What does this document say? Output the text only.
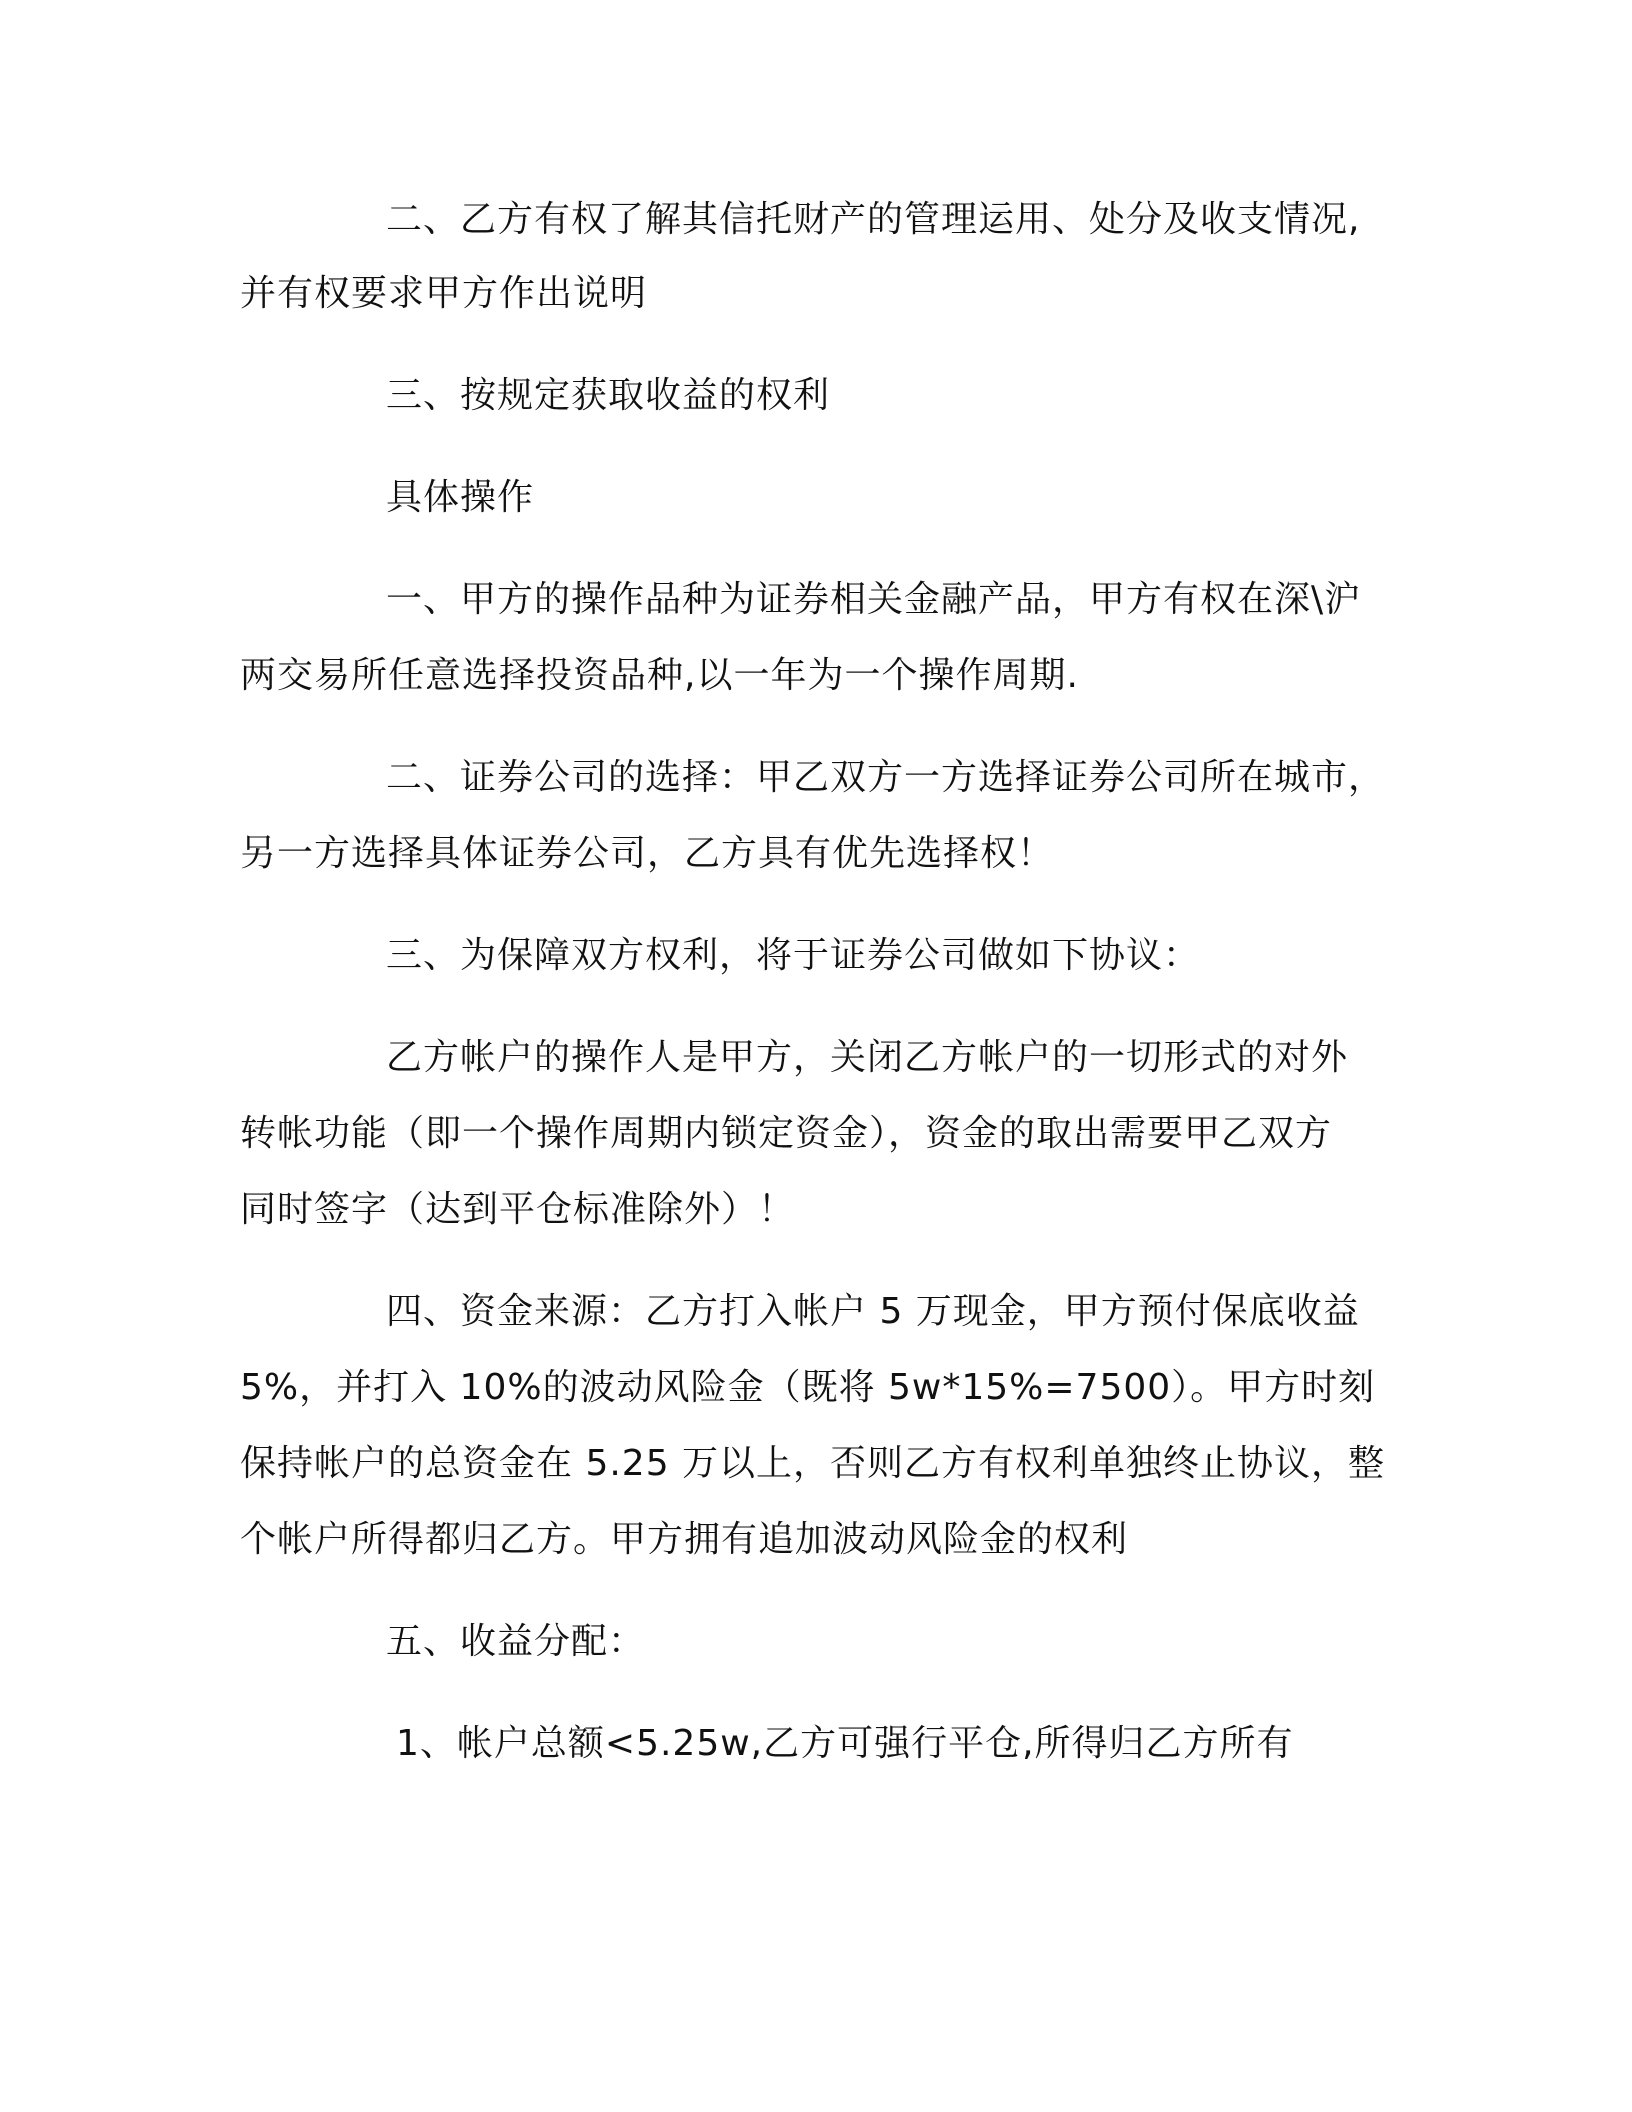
二、乙方有权了解其信托财产的管理运用、处分及收支情况,
并有权要求甲方作出说明
三、按规定获取收益的权利
具体操作
一、甲方的操作品种为证券相关金融产品，甲方有权在深\沪
两交易所任意选择投资品种,以一年为一个操作周期.
二、证券公司的选择：甲乙双方一方选择证券公司所在城市，
另一方选择具体证券公司，乙方具有优先选择权！
三、为保障双方权利，将于证券公司做如下协议：
乙方帐户的操作人是甲方，关闭乙方帐户的一切形式的对外
转帐功能（即一个操作周期内锁定资金），资金的取出需要甲乙双方
同时签字（达到平仓标准除外）！
四、资金来源：乙方打入帐户 5 万现金，甲方预付保底收益
5%，并打入 10%的波动风险金（既将 5w*15%=7500）。甲方时刻
保持帐户的总资金在 5.25 万以上，否则乙方有权利单独终止协议，整
个帐户所得都归乙方。甲方拥有追加波动风险金的权利
五、收益分配：
1、帐户总额<5.25w,乙方可强行平仓,所得归乙方所有
